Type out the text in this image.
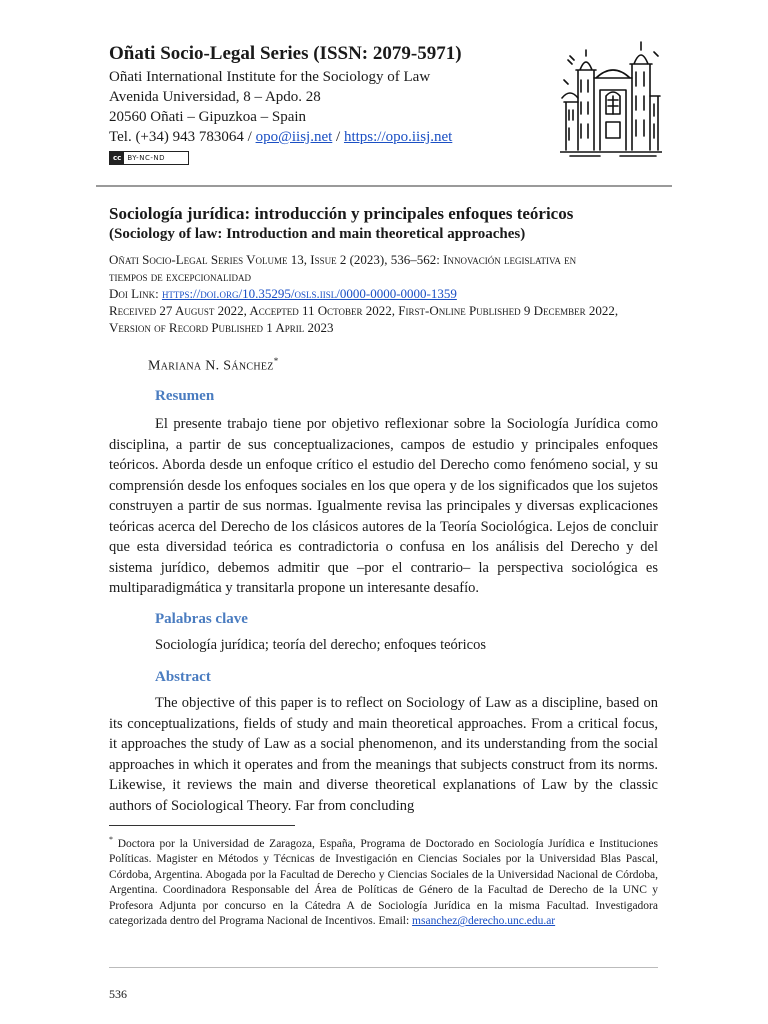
Oñati Socio-Legal Series (ISSN: 2079-5971)
Oñati International Institute for the Sociology of Law
Avenida Universidad, 8 – Apdo. 28
20560 Oñati – Gipuzkoa – Spain
Tel. (+34) 943 783064 / opo@iisj.net / https://opo.iisj.net
cc BY-NC-ND
Sociología jurídica: introducción y principales enfoques teóricos
(Sociology of law: Introduction and main theoretical approaches)
Oñati Socio-Legal Series Volume 13, Issue 2 (2023), 536–562: Innovación legislativa en
tiempos de excepcionalidad
Doi Link: https://doi.org/10.35295/osls.iisl/0000-0000-0000-1359
Received 27 August 2022, Accepted 11 October 2022, First-Online Published 9 December 2022,
Version of Record Published 1 April 2023
Mariana N. Sánchez*
Resumen
El presente trabajo tiene por objetivo reflexionar sobre la Sociología Jurídica como disciplina, a partir de sus conceptualizaciones, campos de estudio y principales enfoques teóricos. Aborda desde un enfoque crítico el estudio del Derecho como fenómeno social, y su comprensión desde los enfoques sociales en los que opera y de los significados que los sujetos construyen a partir de sus normas. Igualmente revisa las principales y diversas explicaciones teóricas acerca del Derecho de los clásicos autores de la Teoría Sociológica. Lejos de concluir que esta diversidad teórica es contradictoria o confusa en los análisis del Derecho y del sistema jurídico, debemos admitir que –por el contrario– la perspectiva sociológica es multiparadigmática y transitarla propone un interesante desafío.
Palabras clave
Sociología jurídica; teoría del derecho; enfoques teóricos
Abstract
The objective of this paper is to reflect on Sociology of Law as a discipline, based on its conceptualizations, fields of study and main theoretical approaches. From a critical focus, it approaches the study of Law as a social phenomenon, and its understanding from the social approaches in which it operates and from the meanings that subjects construct from its norms. Likewise, it reviews the main and diverse theoretical explanations of Law by the classic authors of Sociological Theory. Far from concluding
* Doctora por la Universidad de Zaragoza, España, Programa de Doctorado en Sociología Jurídica e Instituciones Políticas. Magister en Métodos y Técnicas de Investigación en Ciencias Sociales por la Universidad Blas Pascal, Córdoba, Argentina. Abogada por la Facultad de Derecho y Ciencias Sociales de la Universidad Nacional de Córdoba, Argentina. Coordinadora Responsable del Área de Políticas de Género de la Facultad de Derecho de la UNC y Profesora Adjunta por concurso en la Cátedra A de Sociología Jurídica en la misma Facultad. Investigadora categorizada dentro del Programa Nacional de Incentivos. Email: msanchez@derecho.unc.edu.ar
536
